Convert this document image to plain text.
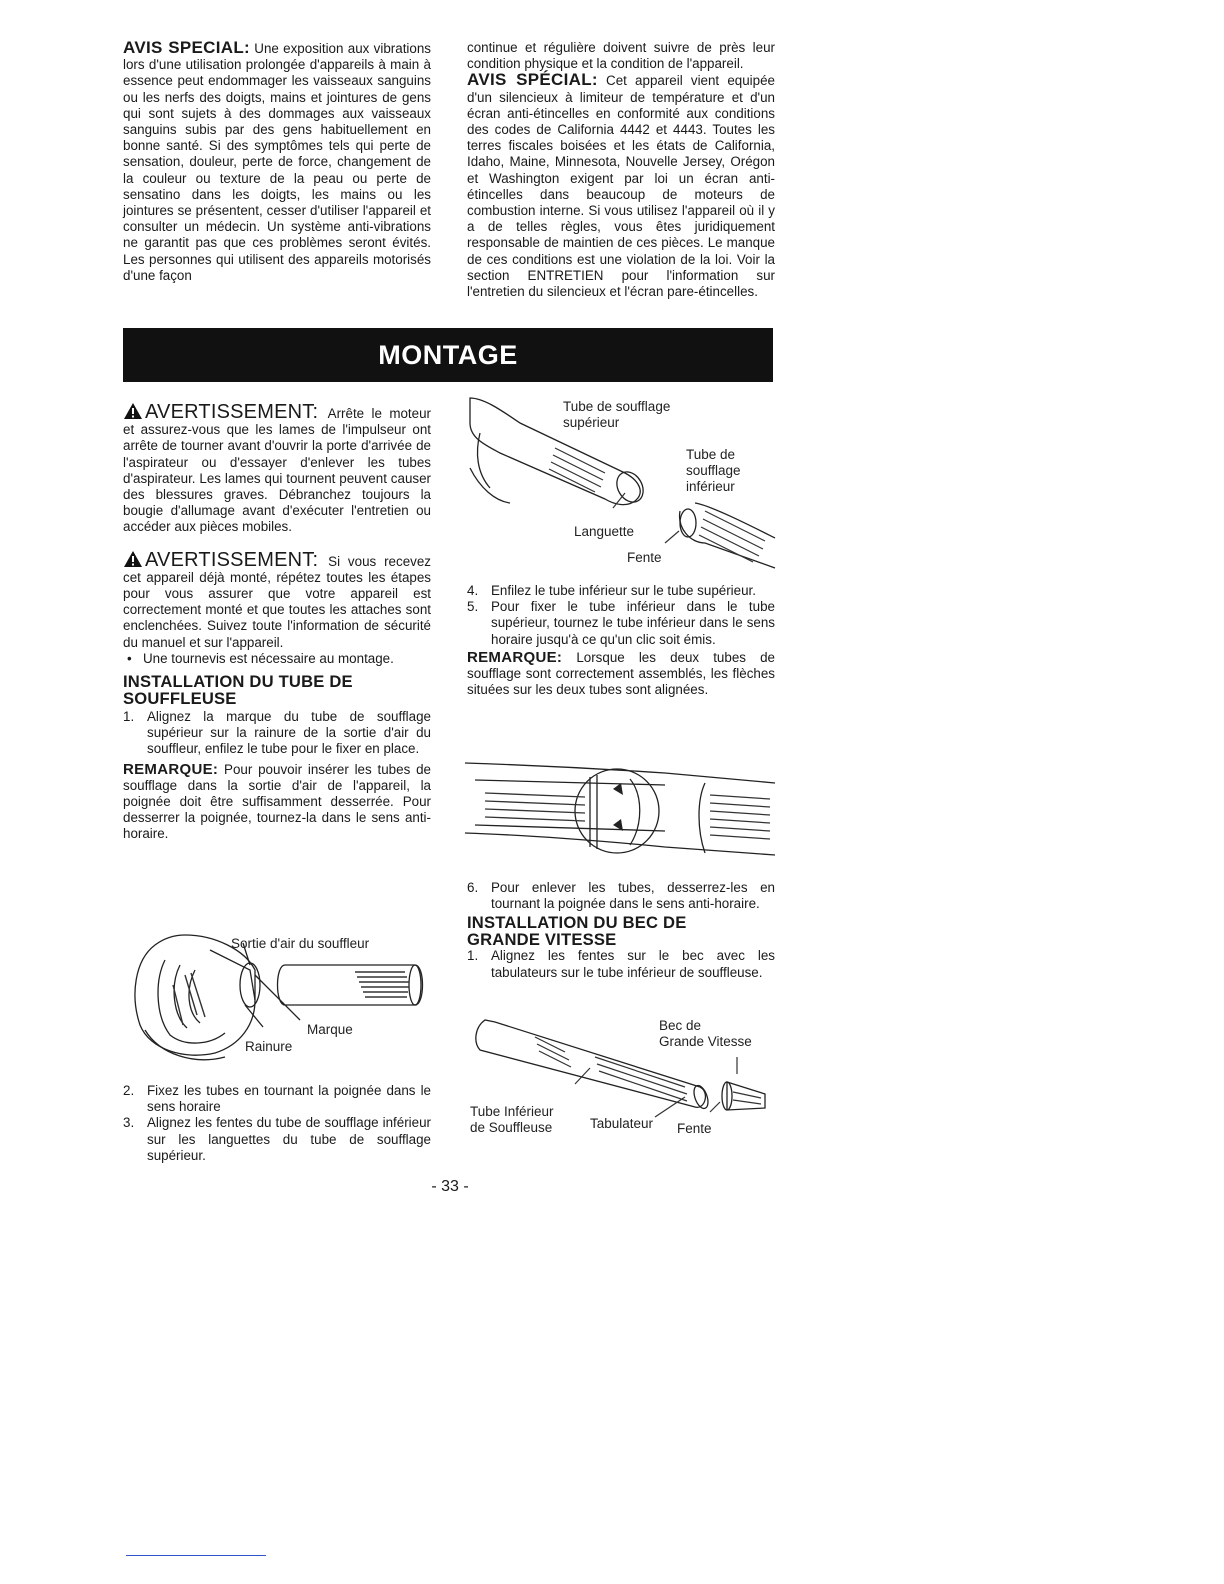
AVIS SPECIAL: Une exposition aux vibrations lors d'une utilisation prolongée d'appareils à main à essence peut endommager les vaisseaux sanguins ou les nerfs des doigts, mains et jointures de gens qui sont sujets à des dommages aux vaisseaux sanguins subis par des gens habituellement en bonne santé. Si des symptômes tels qui perte de sensation, douleur, perte de force, changement de la couleur ou texture de la peau ou perte de sensatino dans les doigts, les mains ou les jointures se présentent, cesser d'utiliser l'appareil et consulter un médecin. Un système anti-vibrations ne garantit pas que ces problèmes seront évités. Les personnes qui utilisent des appareils motorisés d'une façon

continue et régulière doivent suivre de près leur condition physique et la condition de l'appareil.

AVIS SPÉCIAL: Cet appareil vient equipée d'un silencieux à limiteur de température et d'un écran anti-étincelles en conformité aux conditions des codes de California 4442 et 4443. Toutes les terres fiscales boisées et les états de California, Idaho, Maine, Minnesota, Nouvelle Jersey, Orégon et Washington exigent par loi un écran anti-étincelles dans beaucoup de moteurs de combustion interne. Si vous utilisez l'appareil où il y a de telles règles, vous êtes juridiquement responsable de maintien de ces pièces. Le manque de ces conditions est une violation de la loi. Voir la section ENTRETIEN pour l'information sur l'entretien du silencieux et l'écran pare-étincelles.

MONTAGE

AVERTISSEMENT: Arrête le moteur et assurez-vous que les lames de l'impulseur ont arrête de tourner avant d'ouvrir la porte d'arrivée de l'aspirateur ou d'essayer d'enlever les tubes d'aspirateur. Les lames qui tournent peuvent causer des blessures graves. Débranchez toujours la bougie d'allumage avant d'exécuter l'entretien ou accéder aux pièces mobiles.

AVERTISSEMENT: Si vous recevez cet appareil déjà monté, répétez toutes les étapes pour vous assurer que votre appareil est correctement monté et que toutes les attaches sont enclenchées. Suivez toute l'information de sécurité du manuel et sur l'appareil.

• Une tournevis est nécessaire au montage.
INSTALLATION DU TUBE DE
SOUFFLEUSE
1. Alignez la marque du tube de soufflage supérieur sur la rainure de la sortie d'air du souffleur, enfilez le tube pour le fixer en place.

REMARQUE: Pour pouvoir insérer les tubes de soufflage dans la sortie d'air de l'appareil, la poignée doit être suffisamment desserrée. Pour desserrer la poignée, tournez-la dans le sens anti-horaire.

Sortie d'air du souffleur
Marque
Rainure
2. Fixez les tubes en tournant la poignée dans le sens horaire
3. Alignez les fentes du tube de soufflage inférieur sur les languettes du tube de soufflage supérieur.
Tube de soufflage supérieur
Tube de
soufflage
inférieur
Languette
Fente
4. Enfilez le tube inférieur sur le tube supérieur.
5. Pour fixer le tube inférieur dans le tube supérieur, tournez le tube inférieur dans le sens horaire jusqu'à ce qu'un clic soit émis.

REMARQUE: Lorsque les deux tubes de soufflage sont correctement assemblés, les flèches situées sur les deux tubes sont alignées.

6. Pour enlever les tubes, desserrez-les en tournant la poignée dans le sens anti-horaire.
INSTALLATION DU BEC DE
GRANDE VITESSE
1. Alignez les fentes sur le bec avec les tabulateurs sur le tube inférieur de souffleuse.
Bec de
Grande Vitesse
Tube Inférieur
de Souffleuse	Tabulateur Fente
- 33 -
